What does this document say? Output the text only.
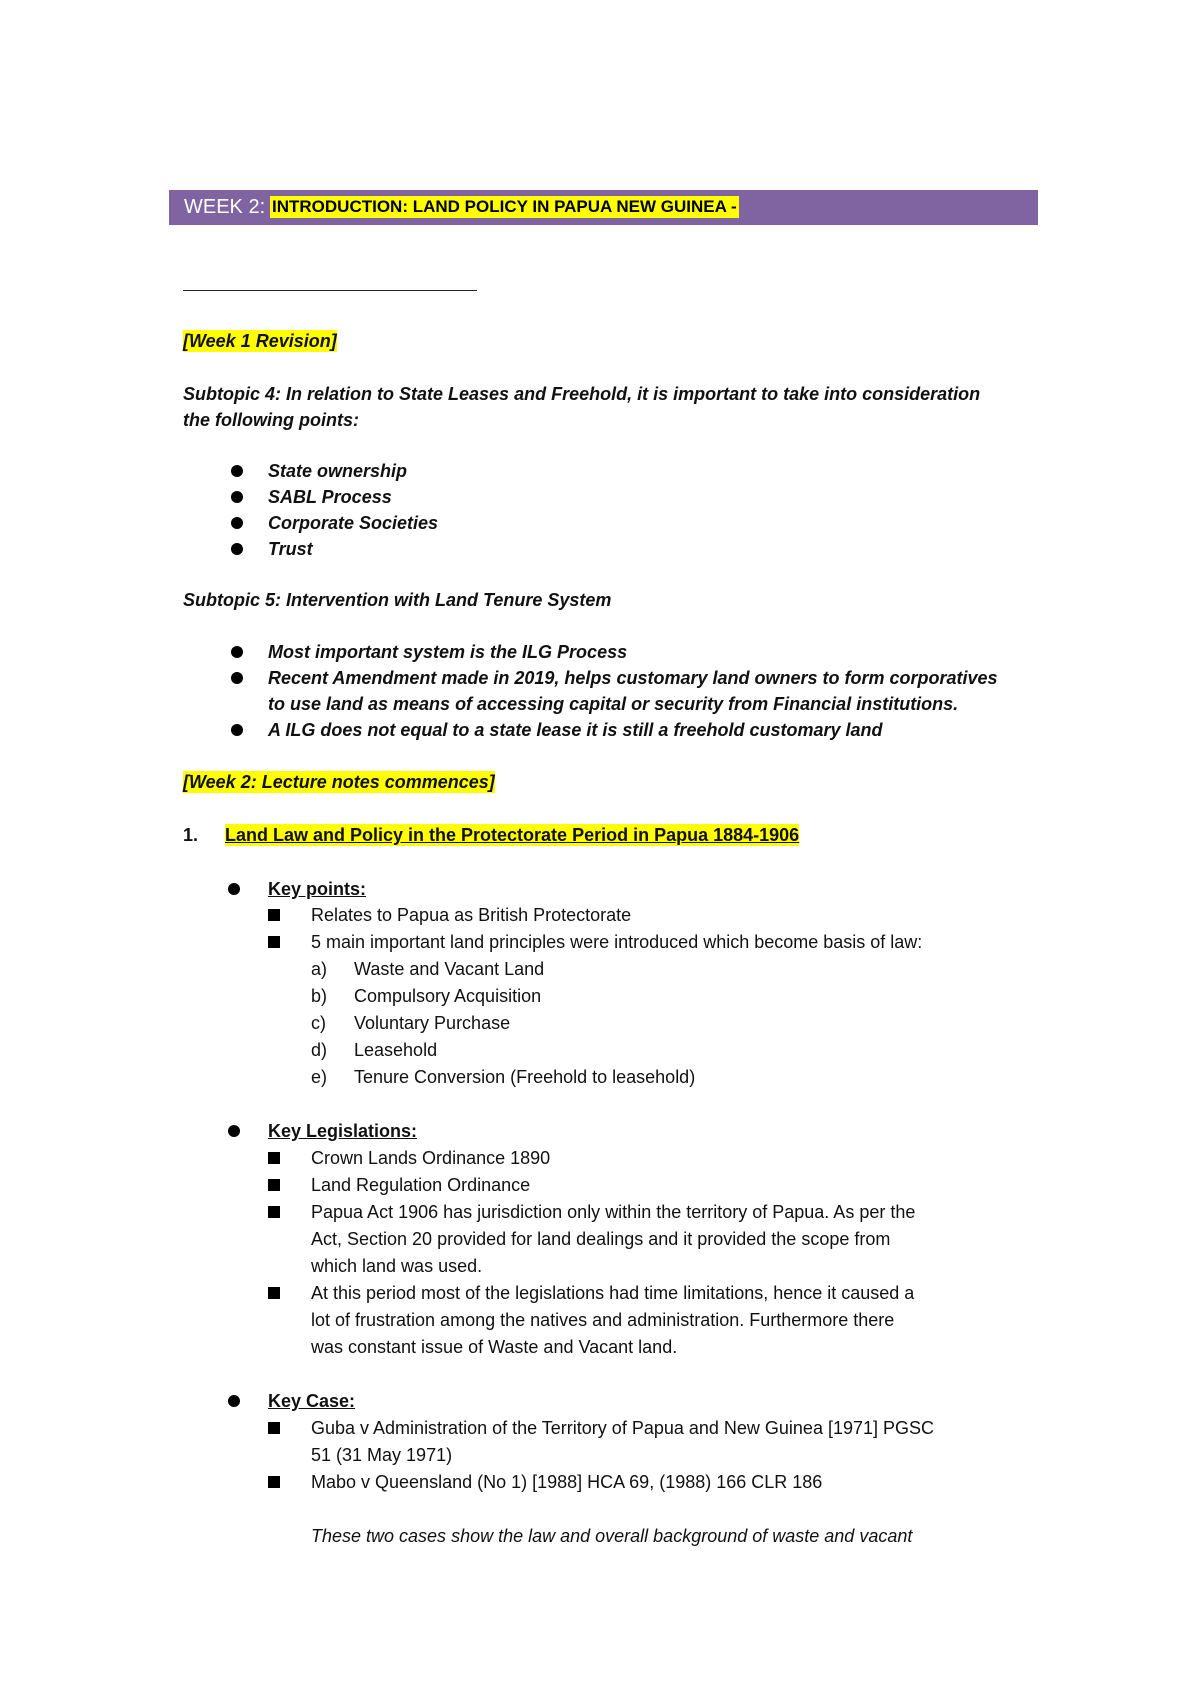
WEEK 2: INTRODUCTION: LAND POLICY IN PAPUA NEW GUINEA -
[Week 1 Revision]
Subtopic 4: In relation to State Leases and Freehold, it is important to take into consideration
the following points:
State ownership
SABL Process
Corporate Societies
Trust
Subtopic 5: Intervention with Land Tenure System
Most important system is the ILG Process
Recent Amendment made in 2019, helps customary land owners to form corporatives
to use land as means of accessing capital or security from Financial institutions.
A ILG does not equal to a state lease it is still a freehold customary land
[Week 2: Lecture notes commences]
1. Land Law and Policy in the Protectorate Period in Papua 1884-1906
Key points:
Relates to Papua as British Protectorate
5 main important land principles were introduced which become basis of law:
a) Waste and Vacant Land
b) Compulsory Acquisition
c) Voluntary Purchase
d) Leasehold
e) Tenure Conversion (Freehold to leasehold)
Key Legislations:
Crown Lands Ordinance 1890
Land Regulation Ordinance
Papua Act 1906 has jurisdiction only within the territory of Papua. As per the
Act, Section 20 provided for land dealings and it provided the scope from
which land was used.
At this period most of the legislations had time limitations, hence it caused a
lot of frustration among the natives and administration. Furthermore there
was constant issue of Waste and Vacant land.
Key Case:
Guba v Administration of the Territory of Papua and New Guinea [1971] PGSC
51 (31 May 1971)
Mabo v Queensland (No 1) [1988] HCA 69, (1988) 166 CLR 186
These two cases show the law and overall background of waste and vacant
